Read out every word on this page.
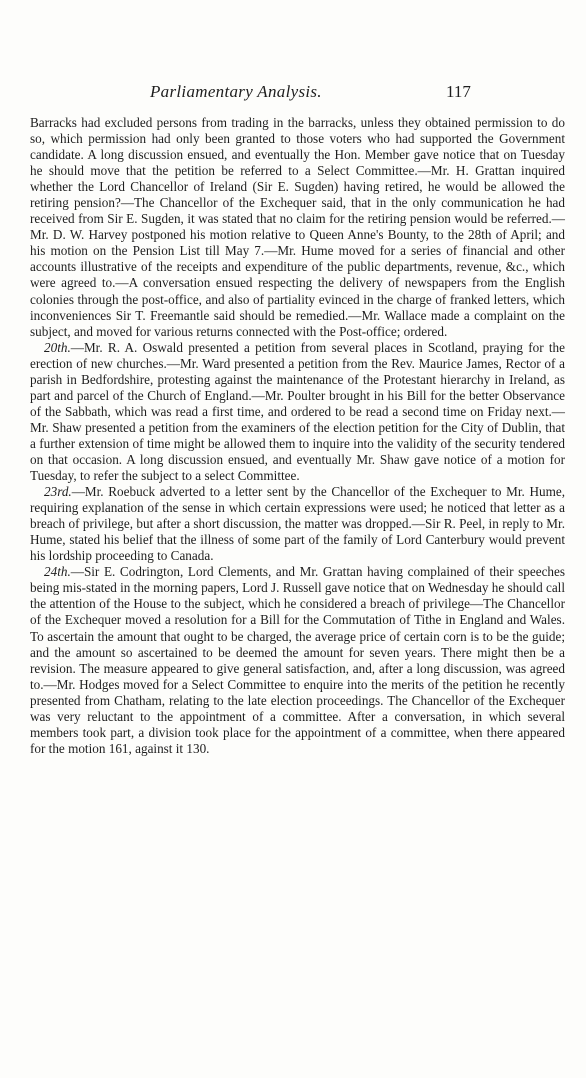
Parliamentary Analysis.	117

Barracks had excluded persons from trading in the barracks, unless they obtained permission to do so, which permission had only been granted to those voters who had supported the Government candidate. A long discussion ensued, and eventually the Hon. Member gave notice that on Tuesday he should move that the petition be referred to a Select Committee.—Mr. H. Grattan inquired whether the Lord Chancellor of Ireland (Sir E. Sugden) having retired, he would be allowed the retiring pension?—The Chancellor of the Exchequer said, that in the only communication he had received from Sir E. Sugden, it was stated that no claim for the retiring pension would be referred.—Mr. D. W. Harvey postponed his motion relative to Queen Anne's Bounty, to the 28th of April; and his motion on the Pension List till May 7.—Mr. Hume moved for a series of financial and other accounts illustrative of the receipts and expenditure of the public departments, revenue, &c., which were agreed to.—A conversation ensued respecting the delivery of newspapers from the English colonies through the post-office, and also of partiality evinced in the charge of franked letters, which inconveniences Sir T. Freemantle said should be remedied.—Mr. Wallace made a complaint on the subject, and moved for various returns connected with the Post-office; ordered.

20th.—Mr. R. A. Oswald presented a petition from several places in Scotland, praying for the erection of new churches.—Mr. Ward presented a petition from the Rev. Maurice James, Rector of a parish in Bedfordshire, protesting against the maintenance of the Protestant hierarchy in Ireland, as part and parcel of the Church of England.—Mr. Poulter brought in his Bill for the better Observance of the Sabbath, which was read a first time, and ordered to be read a second time on Friday next.—Mr. Shaw presented a petition from the examiners of the election petition for the City of Dublin, that a further extension of time might be allowed them to inquire into the validity of the security tendered on that occasion. A long discussion ensued, and eventually Mr. Shaw gave notice of a motion for Tuesday, to refer the subject to a select Committee.

23rd.—Mr. Roebuck adverted to a letter sent by the Chancellor of the Exchequer to Mr. Hume, requiring explanation of the sense in which certain expressions were used; he noticed that letter as a breach of privilege, but after a short discussion, the matter was dropped.—Sir R. Peel, in reply to Mr. Hume, stated his belief that the illness of some part of the family of Lord Canterbury would prevent his lordship proceeding to Canada.

24th.—Sir E. Codrington, Lord Clements, and Mr. Grattan having complained of their speeches being mis-stated in the morning papers, Lord J. Russell gave notice that on Wednesday he should call the attention of the House to the subject, which he considered a breach of privilege—The Chancellor of the Exchequer moved a resolution for a Bill for the Commutation of Tithe in England and Wales. To ascertain the amount that ought to be charged, the average price of certain corn is to be the guide; and the amount so ascertained to be deemed the amount for seven years. There might then be a revision. The measure appeared to give general satisfaction, and, after a long discussion, was agreed to.—Mr. Hodges moved for a Select Committee to enquire into the merits of the petition he recently presented from Chatham, relating to the late election proceedings. The Chancellor of the Exchequer was very reluctant to the appointment of a committee. After a conversation, in which several members took part, a division took place for the appointment of a committee, when there appeared for the motion 161, against it 130.
